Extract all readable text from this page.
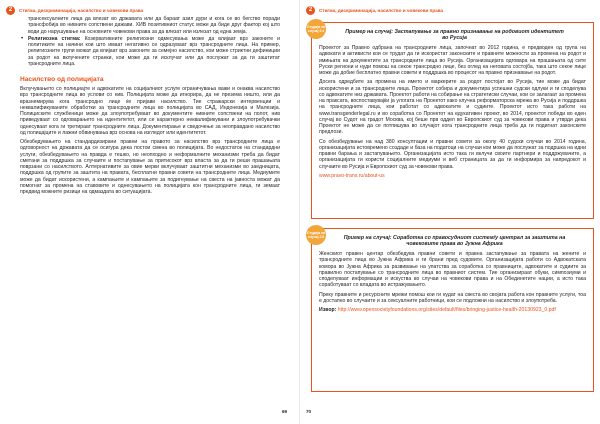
2	Стигма, дискриминација, насилство и човекови права

трансексуалните лица да влезат во државата или да бараат азил дури и кога се во бегство поради трансфобија во нивните сопствени дажави. ХИВ позитивниот статус може да биде друг фактор кој што води до нарушување на основните човекови права за да влезат или излезат од една земја.

• Религиозна стигма: Козервативните религиозни одмесувања може да влијаат врз законите и политиките на начини кои што имаат негативно се одразуваат врз трансродните лица. На пример, религиозните групи можат да влијаат врз законите за семејно насилство, кои може стриктни дефиниции за родот на вклучените странки, кои може да ги исклучат или да послужат за да ги заштитат трансродните лица.

Насилство од полицијата

Вклучувањето со полициајте и адвокатите на социјалниот услуге ограничувања важи и онаква насилство врз трансродните лица во услови со нив. Полицијата може да игнорира, да не презема ништо, или да вразнемирува кога трансродно лице ќе пријави насилство. Тие стражарски интервенции и неквалификуваните обработки за трансродните лица во полицијата во САД, Индонезија и Малезија. Полициските службеници може да злоупотребуваат во документите нивните сопствени на полот, нив приведуваат со одговарањето на идентитетот, или се карактерно неквалификувани и злоупотребувачки однесуваат кога ги третираат трансродните лица. Документирање и сведочење за неоправдано насилство од полицајците и лажни обвинувања врз основа на изгледот или идентитетот.

Обезбедувањето на стандардизирани правни на правото за насилство врз трансродните лица е одговорност на државата да се осигура дека постои сменa во полицијата. Во недостаток на стандардни услуги, обезбедувањето на правда е тешко, но неопходно и неформалните механизми треба да бидат сметани за поддршка за случаите и постапување за притисокот врз властa за да ги реши прашањата поврзани со насилството. Алтернативите за овие мерки вклучуваат заштитни механизми во заедницата, поддршка од групите за заштита на правата, бесплатни правни совети на трансродните лица. Медиумите може да бидат искористени, а кампањите и кампањите за подигнување на свеста на јавноста можат да помогнат за промена на ставовите и однесувањето на полицијата кон трансродните лица, ги земаат предвид можните ризици на одмаздата во ситуацијата.

69
2	Стигма, дискриминација, насилство и човекови права
Студија на случај 2.4	Пример на случај: Застапување за правно признавање на родовиот идентитет во Русија

Проектот за Правно одбрана на трансродните лица, започнат во 2012 година, е предводен од група на адвокати и активисти кои се трудат да ги искористат законските и правните можности за промена на родот и имињата на документите за трансродните лица во Русија. Организацијата одговара на прашањата од сите Руски региони и нуди помош на секое трансродно лице, без оглед на неговата состојба, така што секое лице може да добие бесплатно правни совети и поддршка во процесот на правно признавање на родот.

Досега одредбите за промена на името и маркерите за родот постојат во Русија, тие може да бидат искористени и за трансродните лица. Проектот собира и документира успешни судски одлуки и ги споделува со адвокатите низ државата. Проектот работи на собирање на стратегиски случаи, кои се залагаат за промена на праксата, воспоставувајќи ја улогата на Проектот како клучна реформаторска мрежа во Русија и поддршка на трансродните лица, кои работат со адвокатите и судиите. Проектот исто така работи на www.transgenderlegal.ru и во соработка со Проектот на едукативен проект, во 2014, проектот победи во еден случај во Судот на градот Москва, кој беше прв оддел во Европскиот суд за човекови права и утврди дека Проектот не може да се потпишува во случајот кога трансродните лица треба да ги подигнат законските предлози.

Со обезбедување на над 380 консултации и правни совети за околу 40 судски случаи во 2014 година, организацијата истовремено создаде и база на податоци на случаи кои може да послужат за подршка на идни правни барања и застапувањето. Организацијата исто така ги вклучи своите партнери и поддржувачите, а организацијата ги користи социјалните медиуми и веб страницата за да ги информира за напредокот и случаите во Русија и Европскиот суд за човекови права.

www.pravo-trans.ru/about-us

Студија на случај 2.5	Пример на случај: Соработка со правосудниот систем/у централ за заштита на човековите права во Јужна Африка

Женскиот правен центар обезбедува правни совети и правна застапување за правата на жените и трансродните лица во Јужна Африка и ги брани пред судовите. Организацијата работи со Адвокатската комора во Јужна Африка за развивање на упатства за соработка со правниците, адвокатите и судиите за правилно постапување со трансродните лица во правниот систем. Тие организираат обуки, симпозиуми и споделуваат информации и искуства во случаи на човекови права и на Обединетите нации, а исто така соработуваат со владата во истражувањето.

Преку правните и ресурсните мрежи помош кои ги нудат на свеста во својата работа кон правните услуги, тоа е достапно во случаите и за сексуалните работници, кои се подложни на насилство и злоупотреба.

Извор: http://www.opensocietyfoundations.org/sites/default/files/bringing-justice-health-20130923_0.pdf

70
